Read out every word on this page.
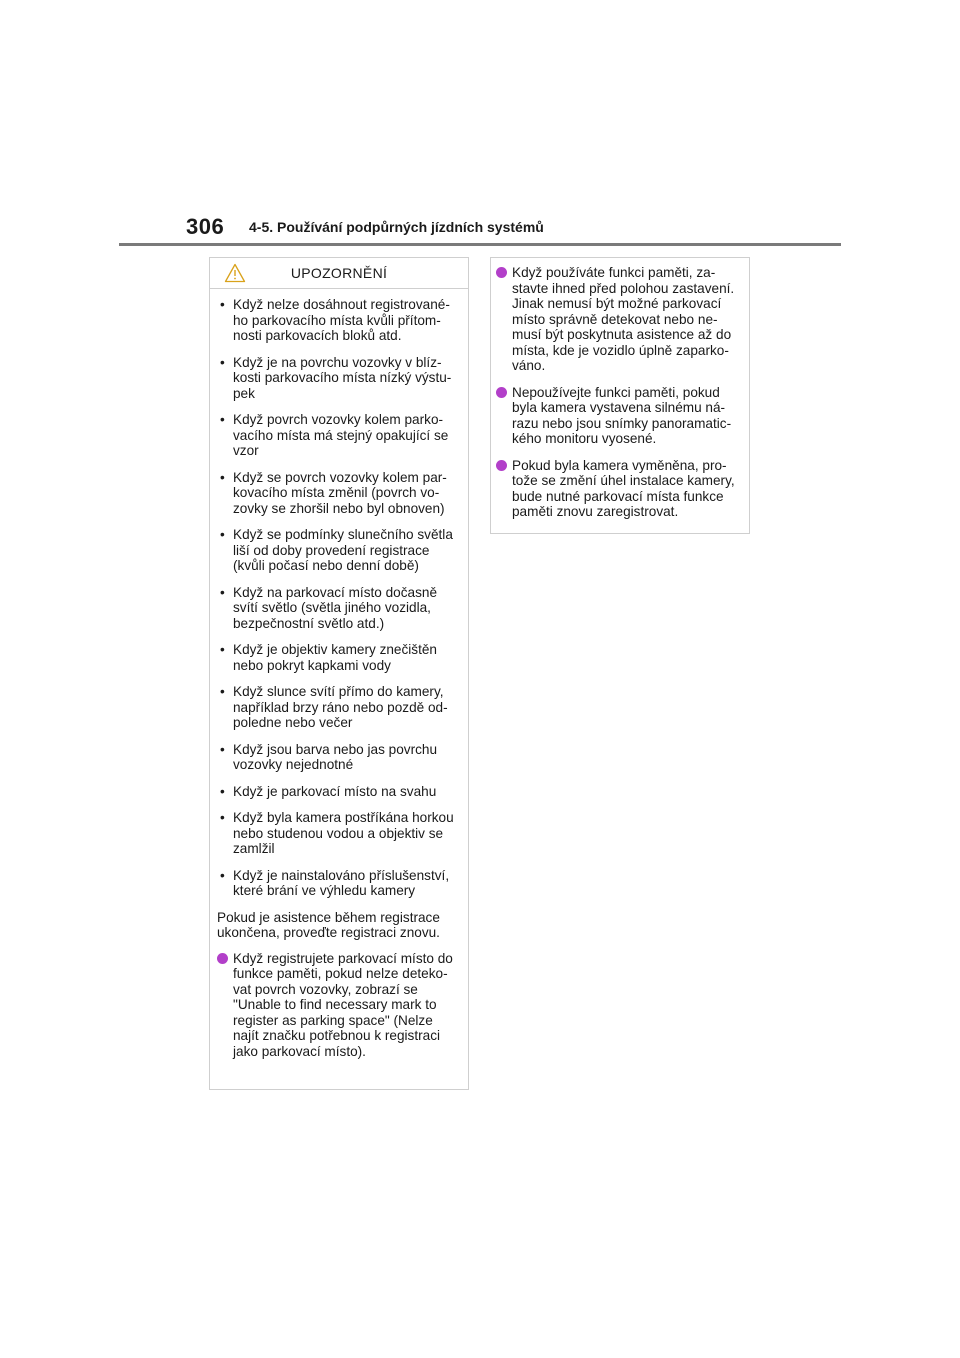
306 4-5. Používání podpůrných jízdních systémů
UPOZORNĚNÍ
• Když nelze dosáhnout registrované-ho parkovacího místa kvůli přítom-nosti parkovacích bloků atd.
• Když je na povrchu vozovky v blíz-kosti parkovacího místa nízký výstu-pek
• Když povrch vozovky kolem parko-vacího místa má stejný opakující se vzor
• Když se povrch vozovky kolem par-kovacího místa změnil (povrch vo-zovky se zhoršil nebo byl obnoven)
• Když se podmínky slunečního světla liší od doby provedení registrace (kvůli počasí nebo denní době)
• Když na parkovací místo dočasně svítí světlo (světla jiného vozidla, bezpečnostní světlo atd.)
• Když je objektiv kamery znečištěn nebo pokryt kapkami vody
• Když slunce svítí přímo do kamery, například brzy ráno nebo pozdě od-poledne nebo večer
• Když jsou barva nebo jas povrchu vozovky nejednotné
• Když je parkovací místo na svahu
• Když byla kamera postříkána horkou nebo studenou vodou a objektiv se zamlžil
• Když je nainstalováno příslušenství, které brání ve výhledu kamery
Pokud je asistence během registrace ukončena, proveďte registraci znovu.
Když registrujete parkovací místo do funkce paměti, pokud nelze deteko-vat povrch vozovky, zobrazí se "Unable to find necessary mark to register as parking space" (Nelze najít značku potřebnou k registraci jako parkovací místo).
Když používáte funkci paměti, za-stavte ihned před polohou zastavení. Jinak nemusí být možné parkovací místo správně detekovat nebo ne-musí být poskytnuta asistence až do místa, kde je vozidlo úplně zaparko-váno.
Nepoužívejte funkci paměti, pokud byla kamera vystavena silnému ná-razu nebo jsou snímky panoramatic-kého monitoru vyosené.
Pokud byla kamera vyměněna, pro-tože se změní úhel instalace kamery, bude nutné parkovací místa funkce paměti znovu zaregistrovat.
